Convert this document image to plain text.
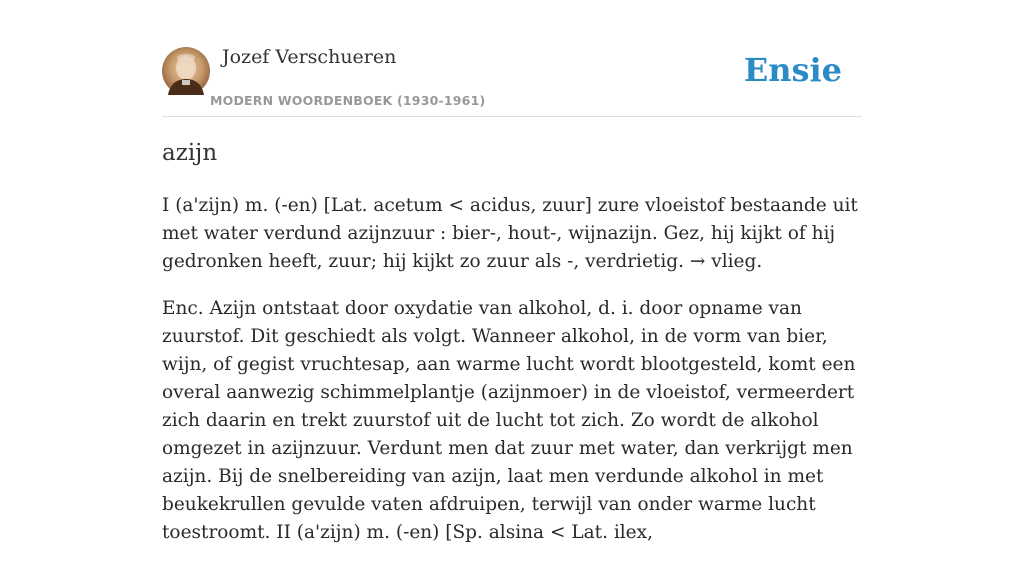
Jozef Verschueren
MODERN WOORDENBOEK (1930-1961)
Ensie
azijn

I (a'zijn) m. (-en) [Lat. acetum < acidus, zuur] zure vloeistof bestaande uit met water verdund azijnzuur : bier-, hout-, wijnazijn. Gez, hij kijkt of hij gedronken heeft, zuur; hij kijkt zo zuur als -, verdrietig. → vlieg.

Enc. Azijn ontstaat door oxydatie van alkohol, d. i. door opname van zuurstof. Dit geschiedt als volgt. Wanneer alkohol, in de vorm van bier, wijn, of gegist vruchtesap, aan warme lucht wordt blootgesteld, komt een overal aanwezig schimmelplantje (azijnmoer) in de vloeistof, vermeerdert zich daarin en trekt zuurstof uit de lucht tot zich. Zo wordt de alkohol omgezet in azijnzuur. Verdunt men dat zuur met water, dan verkrijgt men azijn. Bij de snelbereiding van azijn, laat men verdunde alkohol in met beukekrullen gevulde vaten afdruipen, terwijl van onder warme lucht toestroomt. II (a'zijn) m. (-en) [Sp. alsina < Lat. ilex,
